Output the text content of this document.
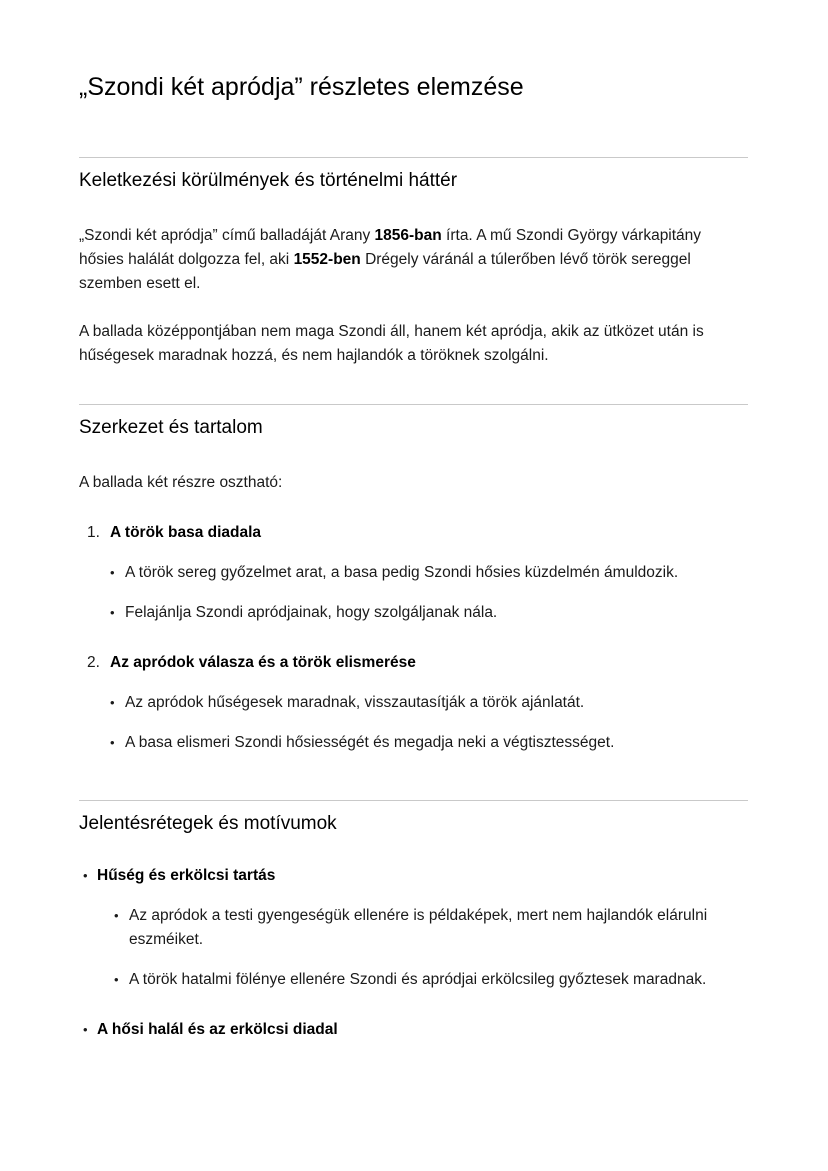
„Szondi két apródja” részletes elemzése
Keletkezési körülmények és történelmi háttér

„Szondi két apródja” című balladáját Arany 1856-ban írta. A mű Szondi György várkapitány hősies halálát dolgozza fel, aki 1552-ben Drégely váránál a túlerőben lévő török sereggel szemben esett el.

A ballada középpontjában nem maga Szondi áll, hanem két apródja, akik az ütközet után is hűségesek maradnak hozzá, és nem hajlandók a töröknek szolgálni.

Szerkezet és tartalom

A ballada két részre osztható:

1. A török basa diadala
• A török sereg győzelmet arat, a basa pedig Szondi hősies küzdelmén ámuldozik.
• Felajánlja Szondi apródjainak, hogy szolgáljanak nála.
2. Az apródok válasza és a török elismerése
• Az apródok hűségesek maradnak, visszautasítják a török ajánlatát.
• A basa elismeri Szondi hősiességét és megadja neki a végtisztességet.
Jelentésrétegek és motívumok
• Hűség és erkölcsi tartás
• Az apródok a testi gyengeségük ellenére is példaképek, mert nem hajlandók elárulni eszméiket.
• A török hatalmi fölénye ellenére Szondi és apródjai erkölcsileg győztesek maradnak.
• A hősi halál és az erkölcsi diadal
